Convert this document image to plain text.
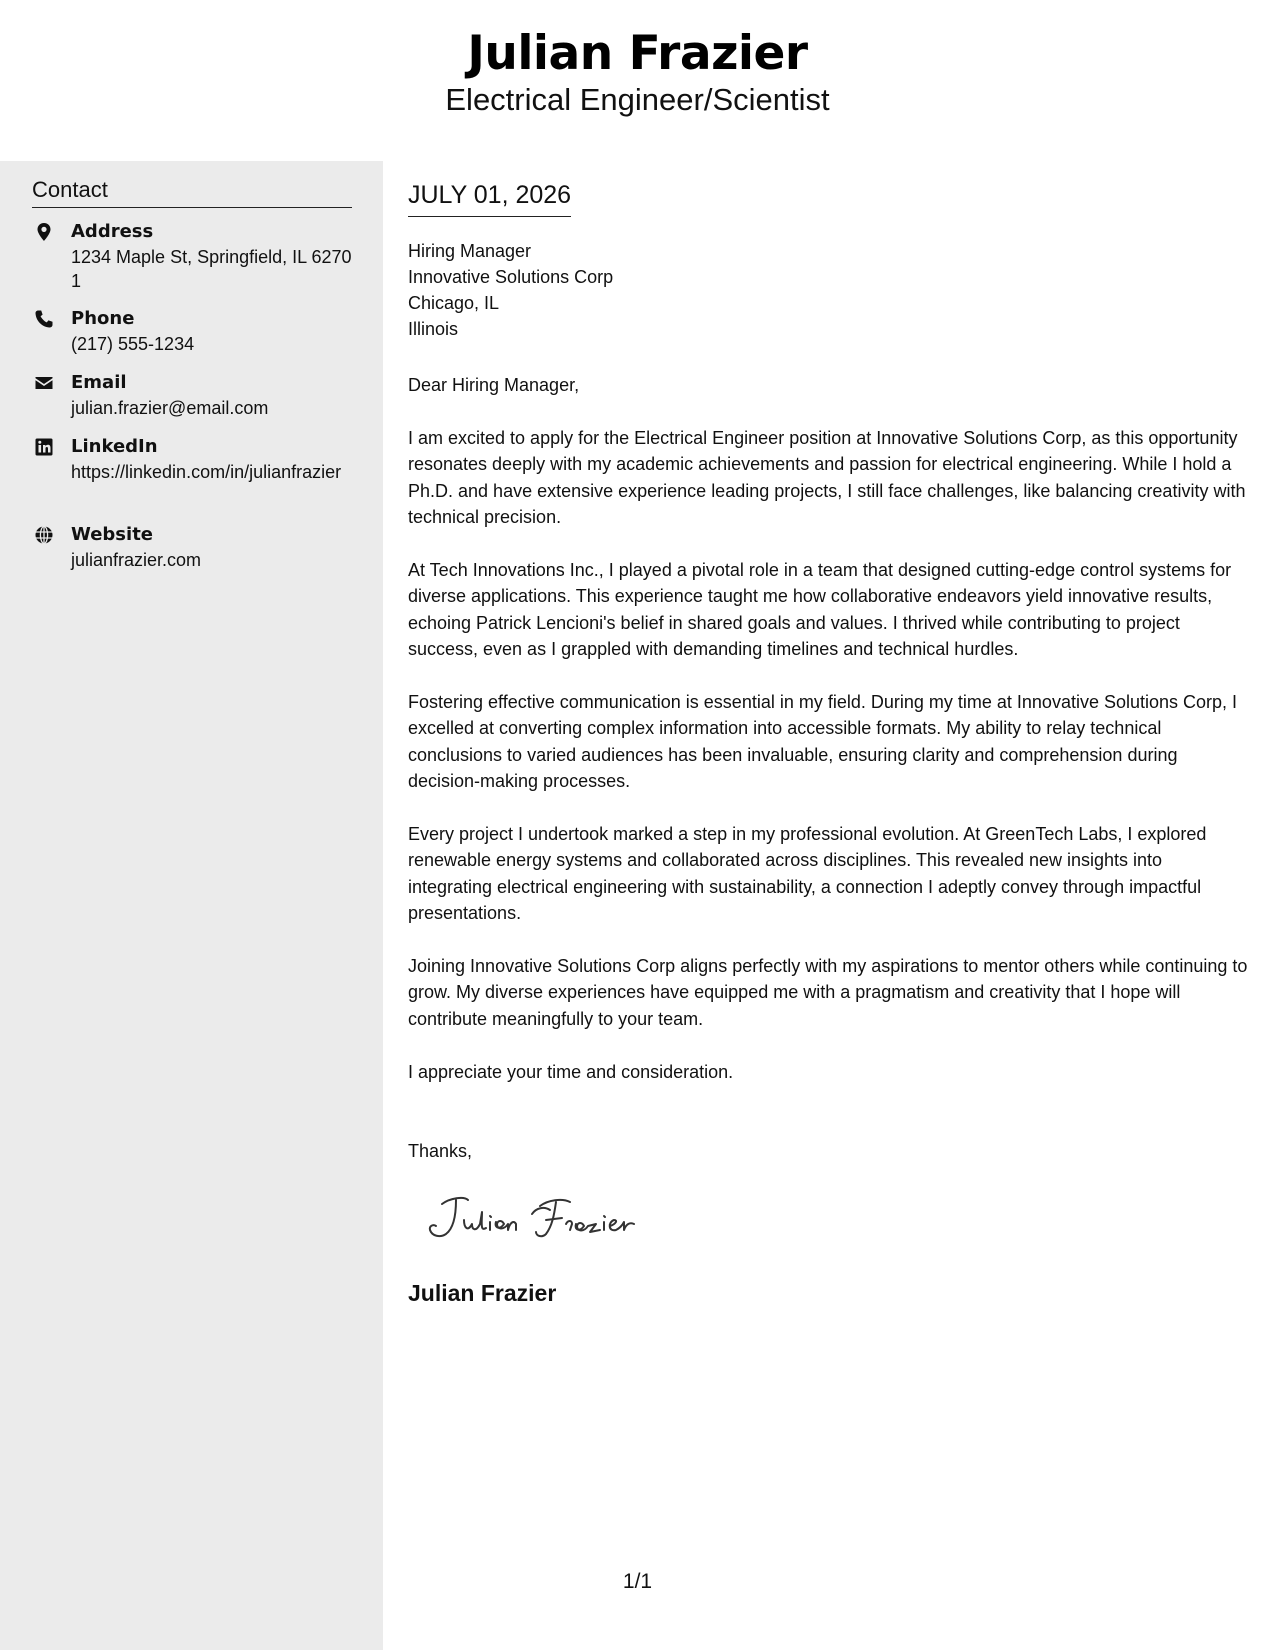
Julian Frazier
Electrical Engineer/Scientist
Contact
Address
1234 Maple St, Springfield, IL 62701
Phone
(217) 555-1234
Email
julian.frazier@email.com
LinkedIn
https://linkedin.com/in/julianfrazier
Website
julianfrazier.com
JULY 01, 2026
Hiring Manager
Innovative Solutions Corp
Chicago, IL
Illinois

Dear Hiring Manager,

I am excited to apply for the Electrical Engineer position at Innovative Solutions Corp, as this opportunity resonates deeply with my academic achievements and passion for electrical engineering. While I hold a Ph.D. and have extensive experience leading projects, I still face challenges, like balancing creativity with technical precision.

At Tech Innovations Inc., I played a pivotal role in a team that designed cutting-edge control systems for diverse applications. This experience taught me how collaborative endeavors yield innovative results, echoing Patrick Lencioni's belief in shared goals and values. I thrived while contributing to project success, even as I grappled with demanding timelines and technical hurdles.

Fostering effective communication is essential in my field. During my time at Innovative Solutions Corp, I excelled at converting complex information into accessible formats. My ability to relay technical conclusions to varied audiences has been invaluable, ensuring clarity and comprehension during decision-making processes.

Every project I undertook marked a step in my professional evolution. At GreenTech Labs, I explored renewable energy systems and collaborated across disciplines. This revealed new insights into integrating electrical engineering with sustainability, a connection I adeptly convey through impactful presentations.

Joining Innovative Solutions Corp aligns perfectly with my aspirations to mentor others while continuing to grow. My diverse experiences have equipped me with a pragmatism and creativity that I hope will contribute meaningfully to your team.

I appreciate your time and consideration.

Thanks,

Julian Frazier
1/1
